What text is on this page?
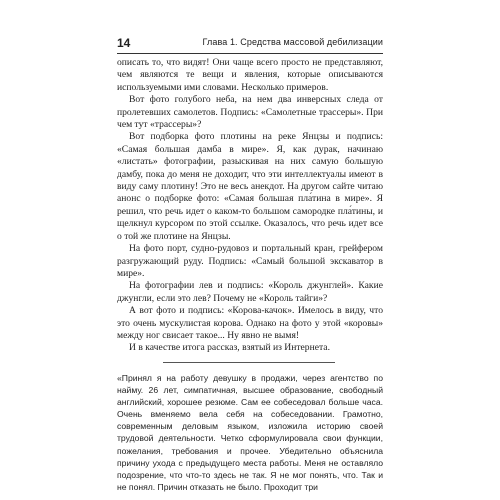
14	Глава 1. Средства массовой дебилизации

описать то, что видят! Они чаще всего просто не представляют, чем являются те вещи и явления, которые описываются используемыми ими словами. Несколько примеров.

Вот фото голубого неба, на нем два инверсных следа от пролетевших самолетов. Подпись: «Самолетные трассеры». При чем тут «трассеры»?

Вот подборка фото плотины на реке Янцзы и подпись: «Самая большая дамба в мире». Я, как дурак, начинаю «листать» фотографии, разыскивая на них самую большую дамбу, пока до меня не доходит, что эти интеллектуалы имеют в виду саму плотину! Это не весь анекдот. На другом сайте читаю анонс о подборке фото: «Самая большая пла́тина в мире». Я решил, что речь идет о каком-то большом самородке пла́тины, и щелкнул курсором по этой ссылке. Оказалось, что речь идет все о той же плотине на Янцзы.

На фото порт, судно-рудовоз и портальный кран, грейфером разгружающий руду. Подпись: «Самый большой экскаватор в мире».

На фотографии лев и подпись: «Король джунглей». Какие джунгли, если это лев? Почему не «Король тайги»?

А вот фото и подпись: «Корова-качок». Имелось в виду, что это очень мускулистая корова. Однако на фото у этой «коровы» между ног свисает такое... Ну явно не вымя!

И в качестве итога рассказ, взятый из Интернета.

«Принял я на работу девушку в продажи, через агентство по найму. 26 лет, симпатичная, высшее образование, свободный английский, хорошее резюме. Сам ее собеседовал больше часа. Очень вменяемо вела себя на собеседовании. Грамотно, современным деловым языком, изложила историю своей трудовой деятельности. Четко сформулировала свои функции, пожелания, требования и прочее. Убедительно объяснила причину ухода с предыдущего места работы. Меня не оставляло подозрение, что что-то здесь не так. Я не мог понять, что. Так и не понял. Причин отказать не было. Проходит три
